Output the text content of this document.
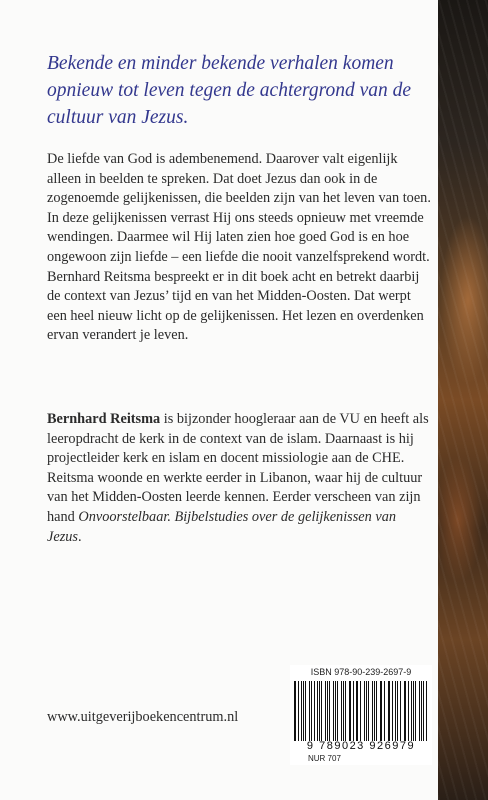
Bekende en minder bekende verhalen komen opnieuw tot leven tegen de achtergrond van de cultuur van Jezus.

De liefde van God is adembenemend. Daarover valt eigenlijk alleen in beelden te spreken. Dat doet Jezus dan ook in de zogenoemde gelijkenissen, die beelden zijn van het leven van toen.
In deze gelijkenissen verrast Hij ons steeds opnieuw met vreemde wendingen. Daarmee wil Hij laten zien hoe goed God is en hoe ongewoon zijn liefde – een liefde die nooit vanzelfsprekend wordt.
Bernhard Reitsma bespreekt er in dit boek acht en betrekt daarbij de context van Jezus’ tijd en van het Midden-Oosten. Dat werpt een heel nieuw licht op de gelijkenissen. Het lezen en overdenken ervan verandert je leven.

Bernhard Reitsma is bijzonder hoogleraar aan de VU en heeft als leeropdracht de kerk in de context van de islam. Daarnaast is hij projectleider kerk en islam en docent missiologie aan de CHE. Reitsma woonde en werkte eerder in Libanon, waar hij de cultuur van het Midden-Oosten leerde kennen. Eerder verscheen van zijn hand Onvoorstelbaar. Bijbelstudies over de gelijkenissen van Jezus.

www.uitgeverijboekencentrum.nl
ISBN 978-90-239-2697-9
9 789023 926979
NUR 707
